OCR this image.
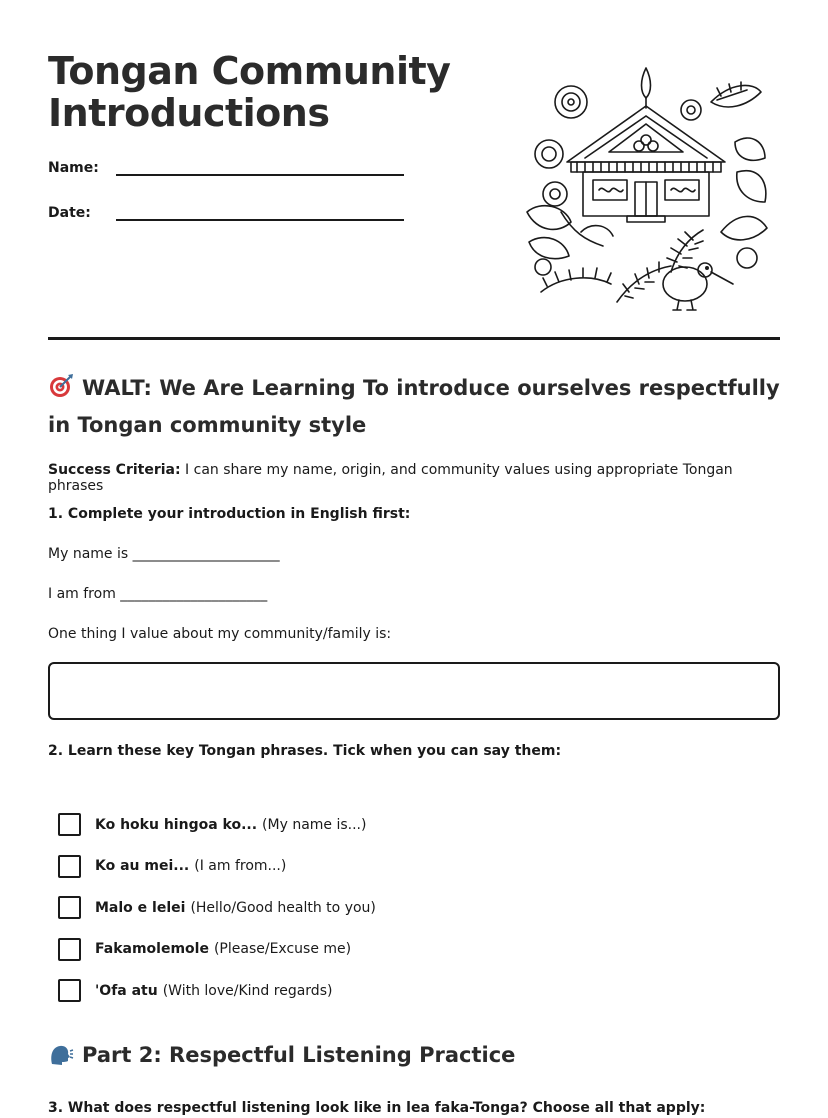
Tongan Community
Introductions
Name:
Date:
WALT: We Are Learning To introduce ourselves respectfully in Tongan community style
Success Criteria: I can share my name, origin, and community values using appropriate Tongan phrases
1. Complete your introduction in English first:
My name is _____________________
I am from _____________________
One thing I value about my community/family is:
2. Learn these key Tongan phrases. Tick when you can say them:
Ko hoku hingoa ko... (My name is...)
Ko au mei... (I am from...)
Malo e lelei (Hello/Good health to you)
Fakamolemole (Please/Excuse me)
'Ofa atu (With love/Kind regards)
Part 2: Respectful Listening Practice
3. What does respectful listening look like in lea faka-Tonga? Choose all that apply:
